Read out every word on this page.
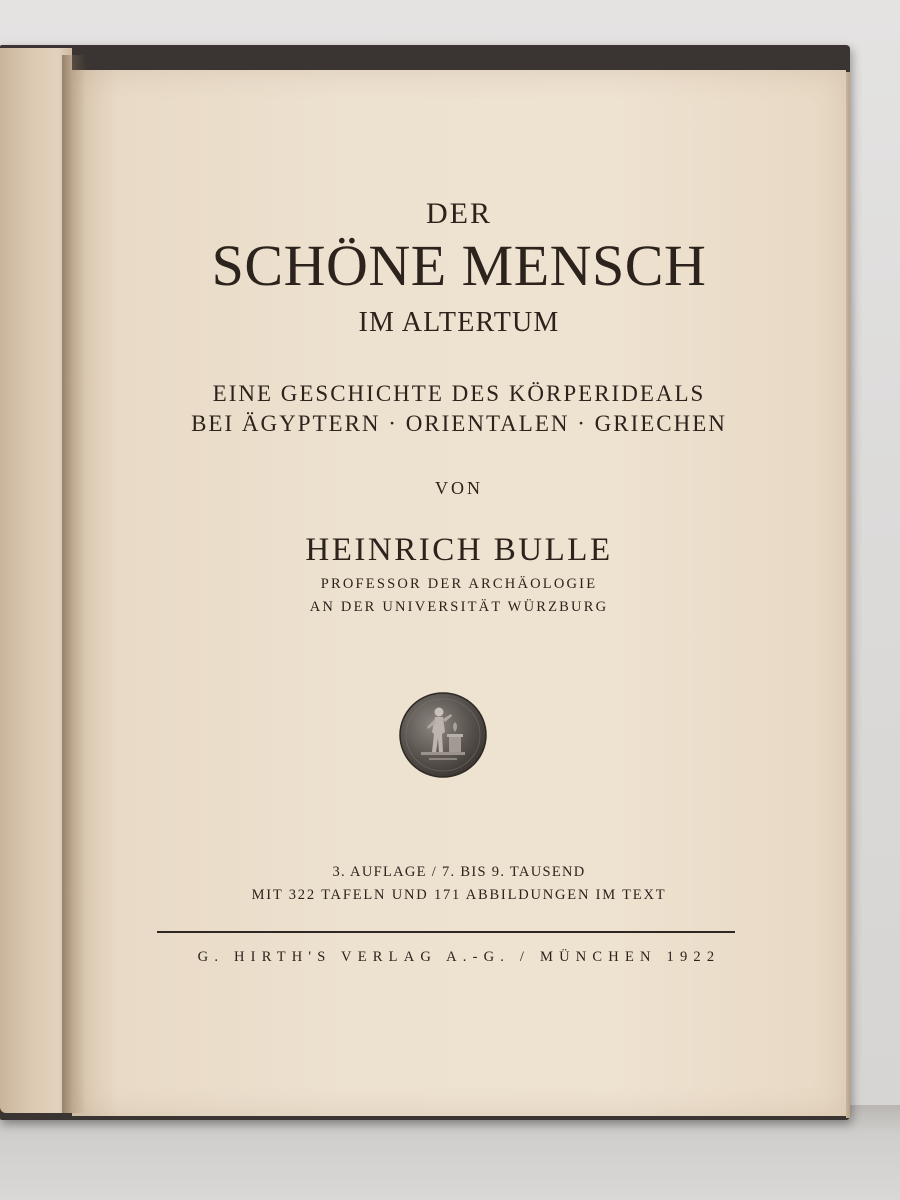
DER
SCHÖNE MENSCH
IM ALTERTUM
EINE GESCHICHTE DES KÖRPERIDEALS
BEI ÄGYPTERN · ORIENTALEN · GRIECHEN
VON
HEINRICH BULLE
PROFESSOR DER ARCHÄOLOGIE
AN DER UNIVERSITÄT WÜRZBURG
3. AUFLAGE / 7. BIS 9. TAUSEND
MIT 322 TAFELN UND 171 ABBILDUNGEN IM TEXT
G. HIRTH'S VERLAG A.-G. / MÜNCHEN 1922
